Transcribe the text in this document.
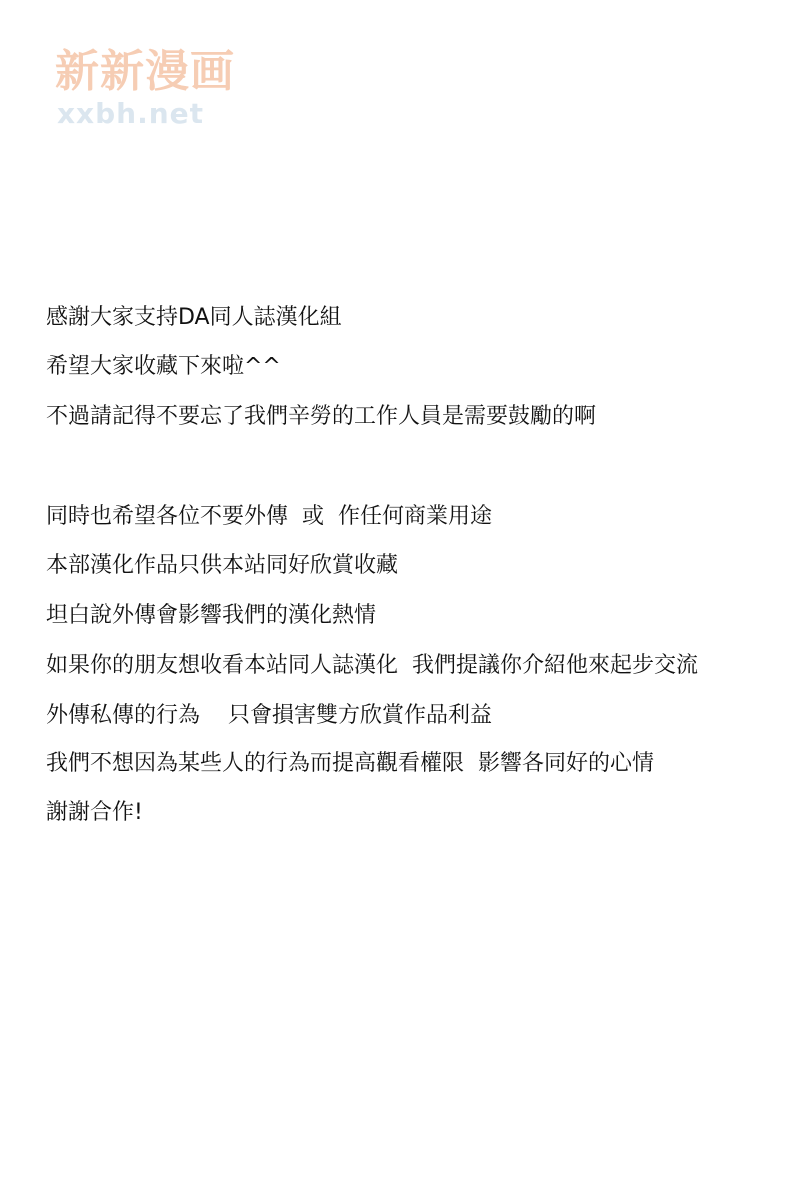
新新漫画
xxbh.net
感謝大家支持DA同人誌漢化組
希望大家收藏下來啦^^
不過請記得不要忘了我們辛勞的工作人員是需要鼓勵的啊
同時也希望各位不要外傳  或  作任何商業用途
本部漢化作品只供本站同好欣賞收藏
坦白說外傳會影響我們的漢化熱情
如果你的朋友想收看本站同人誌漢化  我們提議你介紹他來起步交流
外傳私傳的行為    只會損害雙方欣賞作品利益
我們不想因為某些人的行為而提高觀看權限  影響各同好的心情
謝謝合作!
